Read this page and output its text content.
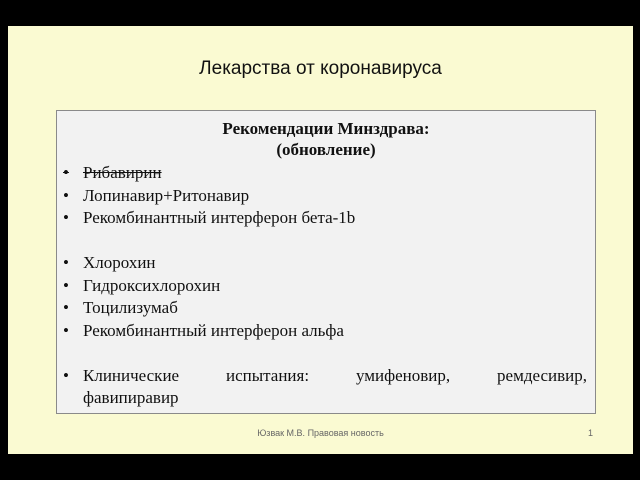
Лекарства от коронавируса
Рекомендации Минздрава:
(обновление)
• Рибавирин
• Лопинавир+Ритонавир
• Рекомбинантный интерферон бета-1b
• Хлорохин
• Гидроксихлорохин
• Тоцилизумаб
• Рекомбинантный интерферон альфа
• Клинические испытания: умифеновир, ремдесивир,
фавипиравир
Юзвак М.В. Правовая новость	1
